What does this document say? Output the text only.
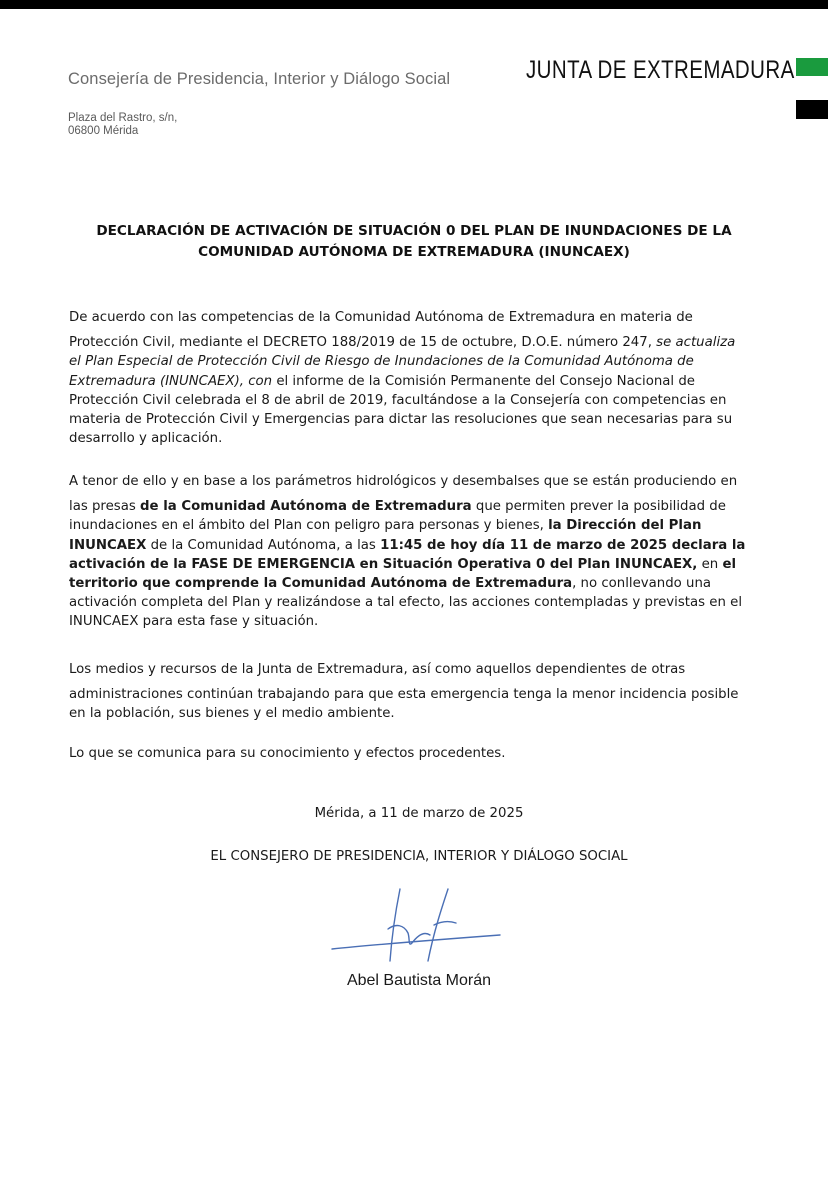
Consejería de Presidencia, Interior y Diálogo Social
Plaza del Rastro, s/n,
06800 Mérida
JUNTA DE EXTREMADURA
DECLARACIÓN DE ACTIVACIÓN DE SITUACIÓN 0 DEL PLAN DE INUNDACIONES DE LA
COMUNIDAD AUTÓNOMA DE EXTREMADURA (INUNCAEX)
De acuerdo con las competencias de la Comunidad Autónoma de Extremadura en materia de
Protección Civil, mediante el DECRETO 188/2019 de 15 de octubre, D.O.E. número 247, se actualiza
el Plan Especial de Protección Civil de Riesgo de Inundaciones de la Comunidad Autónoma de
Extremadura (INUNCAEX), con el informe de la Comisión Permanente del Consejo Nacional de
Protección Civil celebrada el 8 de abril de 2019, facultándose a la Consejería con competencias en
materia de Protección Civil y Emergencias para dictar las resoluciones que sean necesarias para su
desarrollo y aplicación.
A tenor de ello y en base a los parámetros hidrológicos y desembalses que se están produciendo en
las presas de la Comunidad Autónoma de Extremadura que permiten prever la posibilidad de
inundaciones en el ámbito del Plan con peligro para personas y bienes, la Dirección del Plan
INUNCAEX de la Comunidad Autónoma, a las 11:45 de hoy día 11 de marzo de 2025 declara la
activación de la FASE DE EMERGENCIA en Situación Operativa 0 del Plan INUNCAEX, en el
territorio que comprende la Comunidad Autónoma de Extremadura, no conllevando una
activación completa del Plan y realizándose a tal efecto, las acciones contempladas y previstas en el
INUNCAEX para esta fase y situación.
Los medios y recursos de la Junta de Extremadura, así como aquellos dependientes de otras
administraciones continúan trabajando para que esta emergencia tenga la menor incidencia posible
en la población, sus bienes y el medio ambiente.
Lo que se comunica para su conocimiento y efectos procedentes.
Mérida, a 11 de marzo de 2025
EL CONSEJERO DE PRESIDENCIA, INTERIOR Y DIÁLOGO SOCIAL
Abel Bautista Morán
